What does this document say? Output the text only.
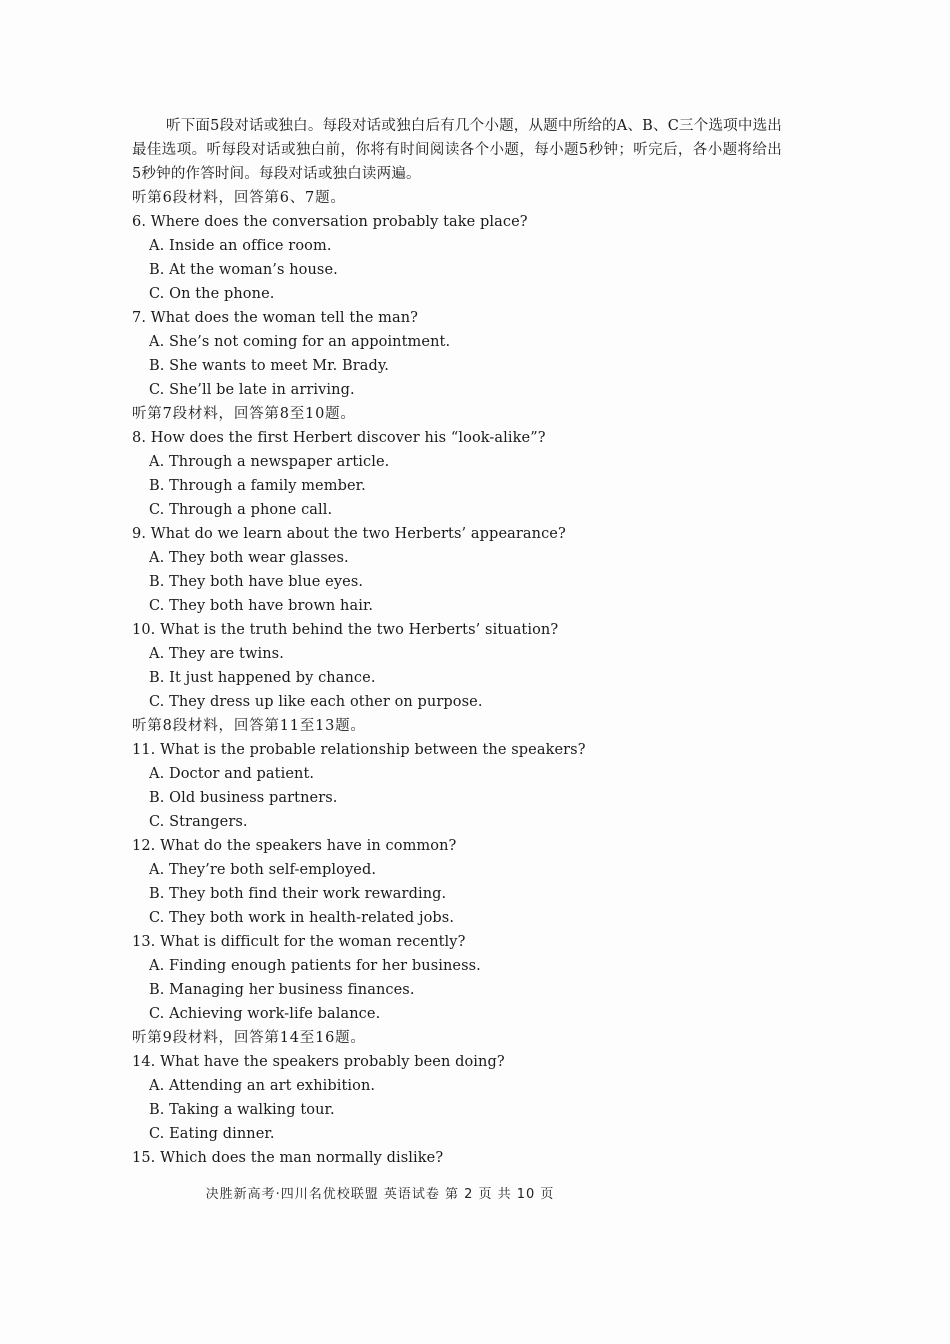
听下面5段对话或独白。每段对话或独白后有几个小题，从题中所给的A、B、C三个选项中选出最佳选项。听每段对话或独白前，你将有时间阅读各个小题，每小题5秒钟；听完后，各小题将给出5秒钟的作答时间。每段对话或独白读两遍。

听第6段材料，回答第6、7题。
6. Where does the conversation probably take place?
A. Inside an office room.
B. At the woman’s house.
C. On the phone.
7. What does the woman tell the man?
A. She’s not coming for an appointment.
B. She wants to meet Mr. Brady.
C. She’ll be late in arriving.
听第7段材料，回答第8至10题。
8. How does the first Herbert discover his “look-alike”?
A. Through a newspaper article.
B. Through a family member.
C. Through a phone call.
9. What do we learn about the two Herberts’ appearance?
A. They both wear glasses.
B. They both have blue eyes.
C. They both have brown hair.
10. What is the truth behind the two Herberts’ situation?
A. They are twins.
B. It just happened by chance.
C. They dress up like each other on purpose.
听第8段材料，回答第11至13题。
11. What is the probable relationship between the speakers?
A. Doctor and patient.
B. Old business partners.
C. Strangers.
12. What do the speakers have in common?
A. They’re both self-employed.
B. They both find their work rewarding.
C. They both work in health-related jobs.
13. What is difficult for the woman recently?
A. Finding enough patients for her business.
B. Managing her business finances.
C. Achieving work-life balance.
听第9段材料，回答第14至16题。
14. What have the speakers probably been doing?
A. Attending an art exhibition.
B. Taking a walking tour.
C. Eating dinner.
15. Which does the man normally dislike?
决胜新高考·四川名优校联盟 英语试卷 第 2 页 共 10 页
